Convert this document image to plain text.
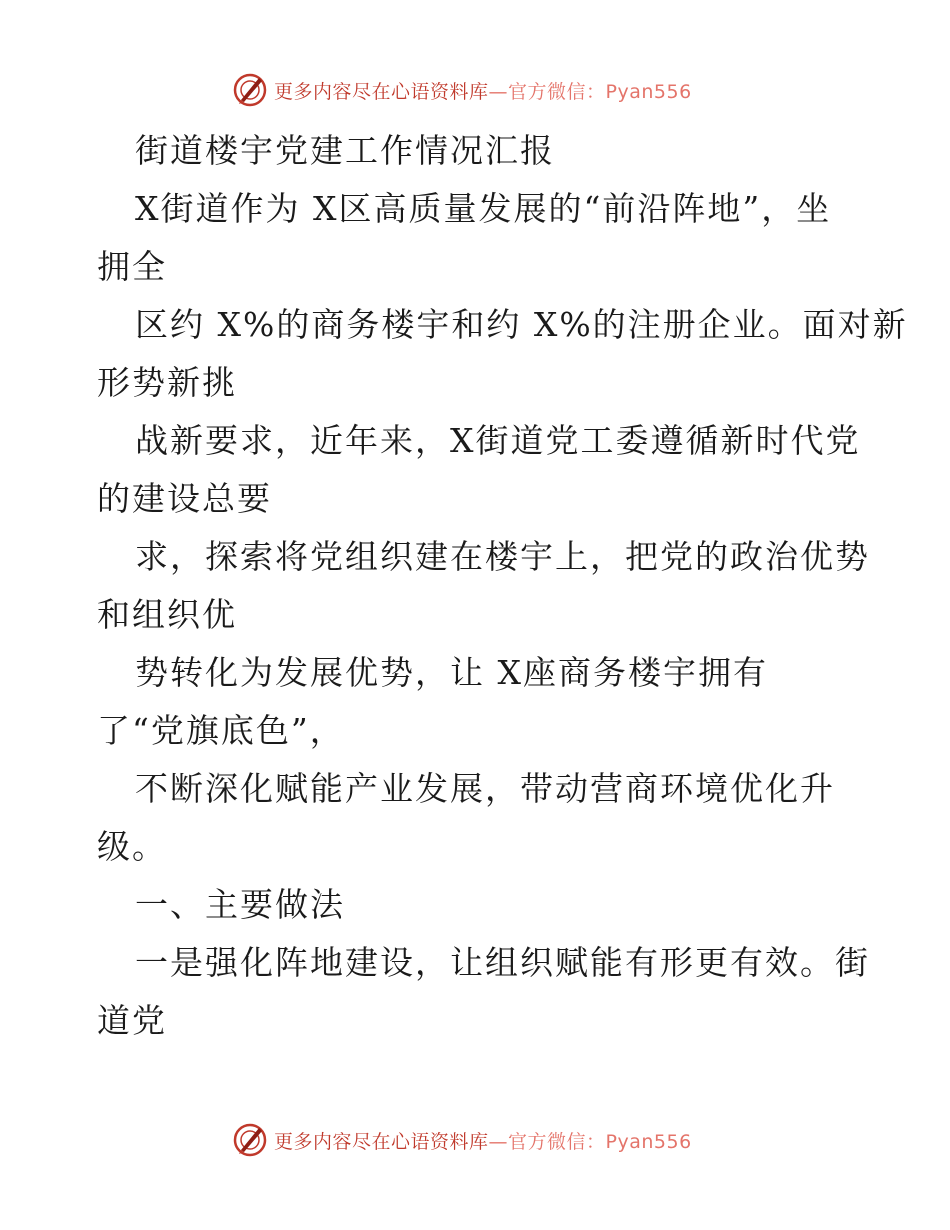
更多内容尽在心语资料库—官方微信：Pyan556
街道楼宇党建工作情况汇报
X街道作为 X区高质量发展的“前沿阵地”，坐
拥全
区约 X%的商务楼宇和约 X%的注册企业。面对新
形势新挑
战新要求，近年来，X街道党工委遵循新时代党
的建设总要
求，探索将党组织建在楼宇上，把党的政治优势
和组织优
势转化为发展优势，让 X座商务楼宇拥有
了“党旗底色”，
不断深化赋能产业发展，带动营商环境优化升
级。
一、主要做法
一是强化阵地建设，让组织赋能有形更有效。街
道党
更多内容尽在心语资料库—官方微信：Pyan556
